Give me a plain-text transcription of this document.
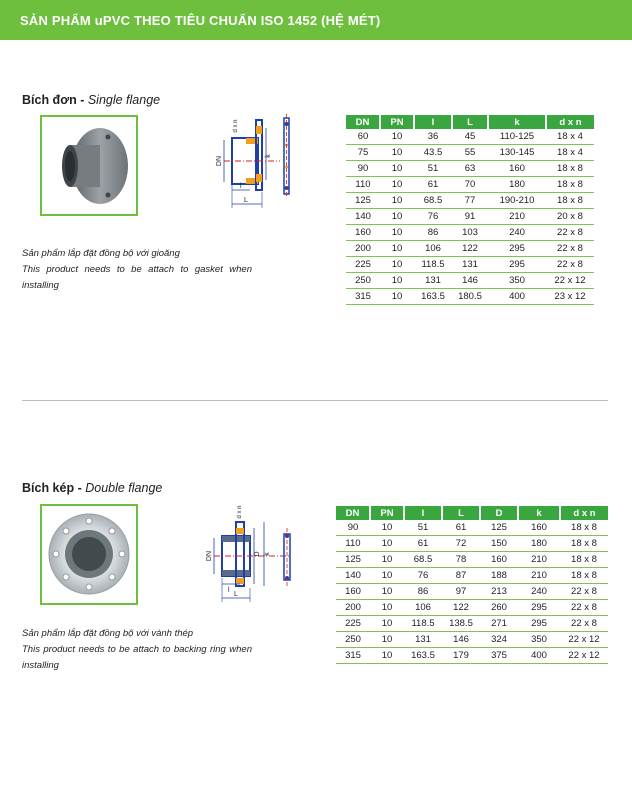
SẢN PHẨM uPVC THEO TIÊU CHUẨN ISO 1452 (HỆ MÉT)
Bích đơn - Single flange
DN	k
d x n
l
L
Sản phẩm lắp đặt đồng bộ với gioăng
This product needs to be attach to gasket when installing
DN	PN	l	L	k	d x n
60	10	36	45	110-125	18 x 4
75	10	43.5	55	130-145	18 x 4
90	10	51	63	160	18 x 8
110	10	61	70	180	18 x 8
125	10	68.5	77	190-210	18 x 8
140	10	76	91	210	20 x 8
160	10	86	103	240	22 x 8
200	10	106	122	295	22 x 8
225	10	118.5	131	295	22 x 8
250	10	131	146	350	22 x 12
315	10	163.5	180.5	400	23 x 12
Bích kép - Double flange
DN	D k
d x n
l
L
Sản phẩm lắp đặt đồng bộ với vành thép
This product needs to be attach to backing ring when installing
DN	PN	l	L	D	k	d x n
90	10	51	61	125	160	18 x 8
110	10	61	72	150	180	18 x 8
125	10	68.5	78	160	210	18 x 8
140	10	76	87	188	210	18 x 8
160	10	86	97	213	240	22 x 8
200	10	106	122	260	295	22 x 8
225	10	118.5	138.5	271	295	22 x 8
250	10	131	146	324	350	22 x 12
315	10	163.5	179	375	400	22 x 12
